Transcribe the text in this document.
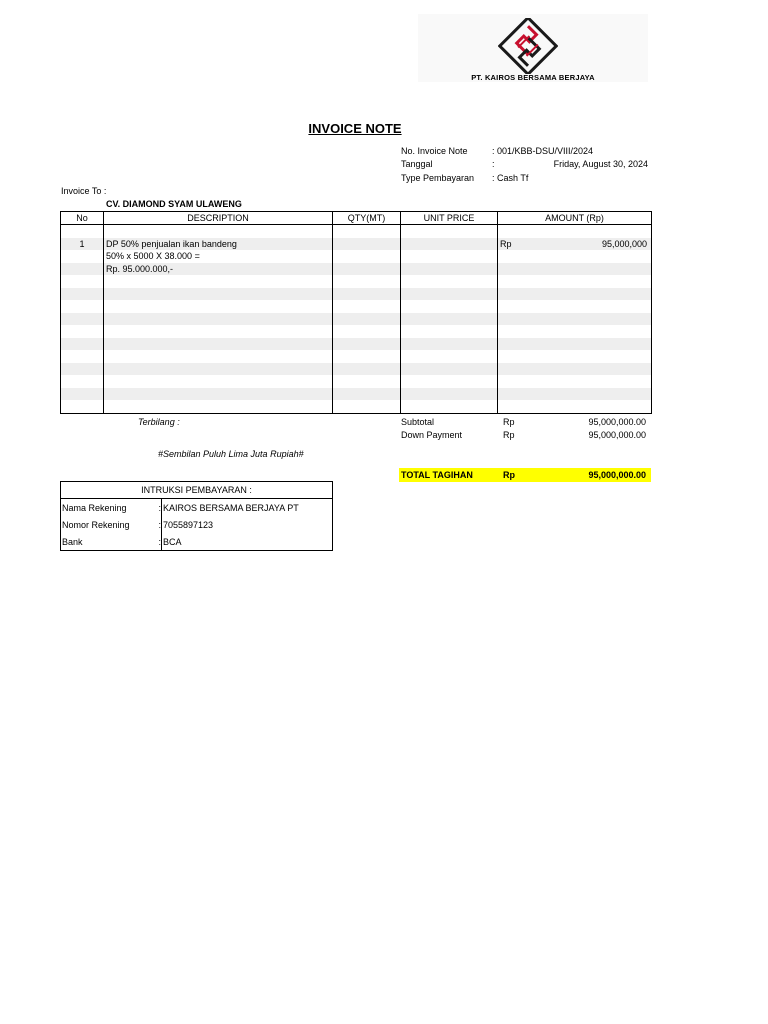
PT. KAIROS BERSAMA BERJAYA
INVOICE NOTE
No. Invoice Note	: 001/KBB-DSU/VIII/2024
Tanggal	:	Friday, August 30, 2024
Type Pembayaran : Cash Tf
Invoice To :
CV. DIAMOND SYAM ULAWENG
No	DESCRIPTION	QTY(MT)	UNIT PRICE	AMOUNT (Rp)

1	DP 50% penjualan ikan bandeng			Rp 95,000,000

	50% x 5000 X 38.000 =			

	Rp. 95.000.000,-			

Terbilang :	Subtotal	Rp	95,000,000.00
Down Payment	Rp	95,000,000.00
#Sembilan Puluh Lima Juta Rupiah#
TOTAL TAGIHAN	Rp	95,000,000.00
INTRUKSI PEMBAYARAN :		
Nama Rekening	:	KAIROS BERSAMA BERJAYA PT
Nomor Rekening	:	7055897123
Bank	:	BCA
